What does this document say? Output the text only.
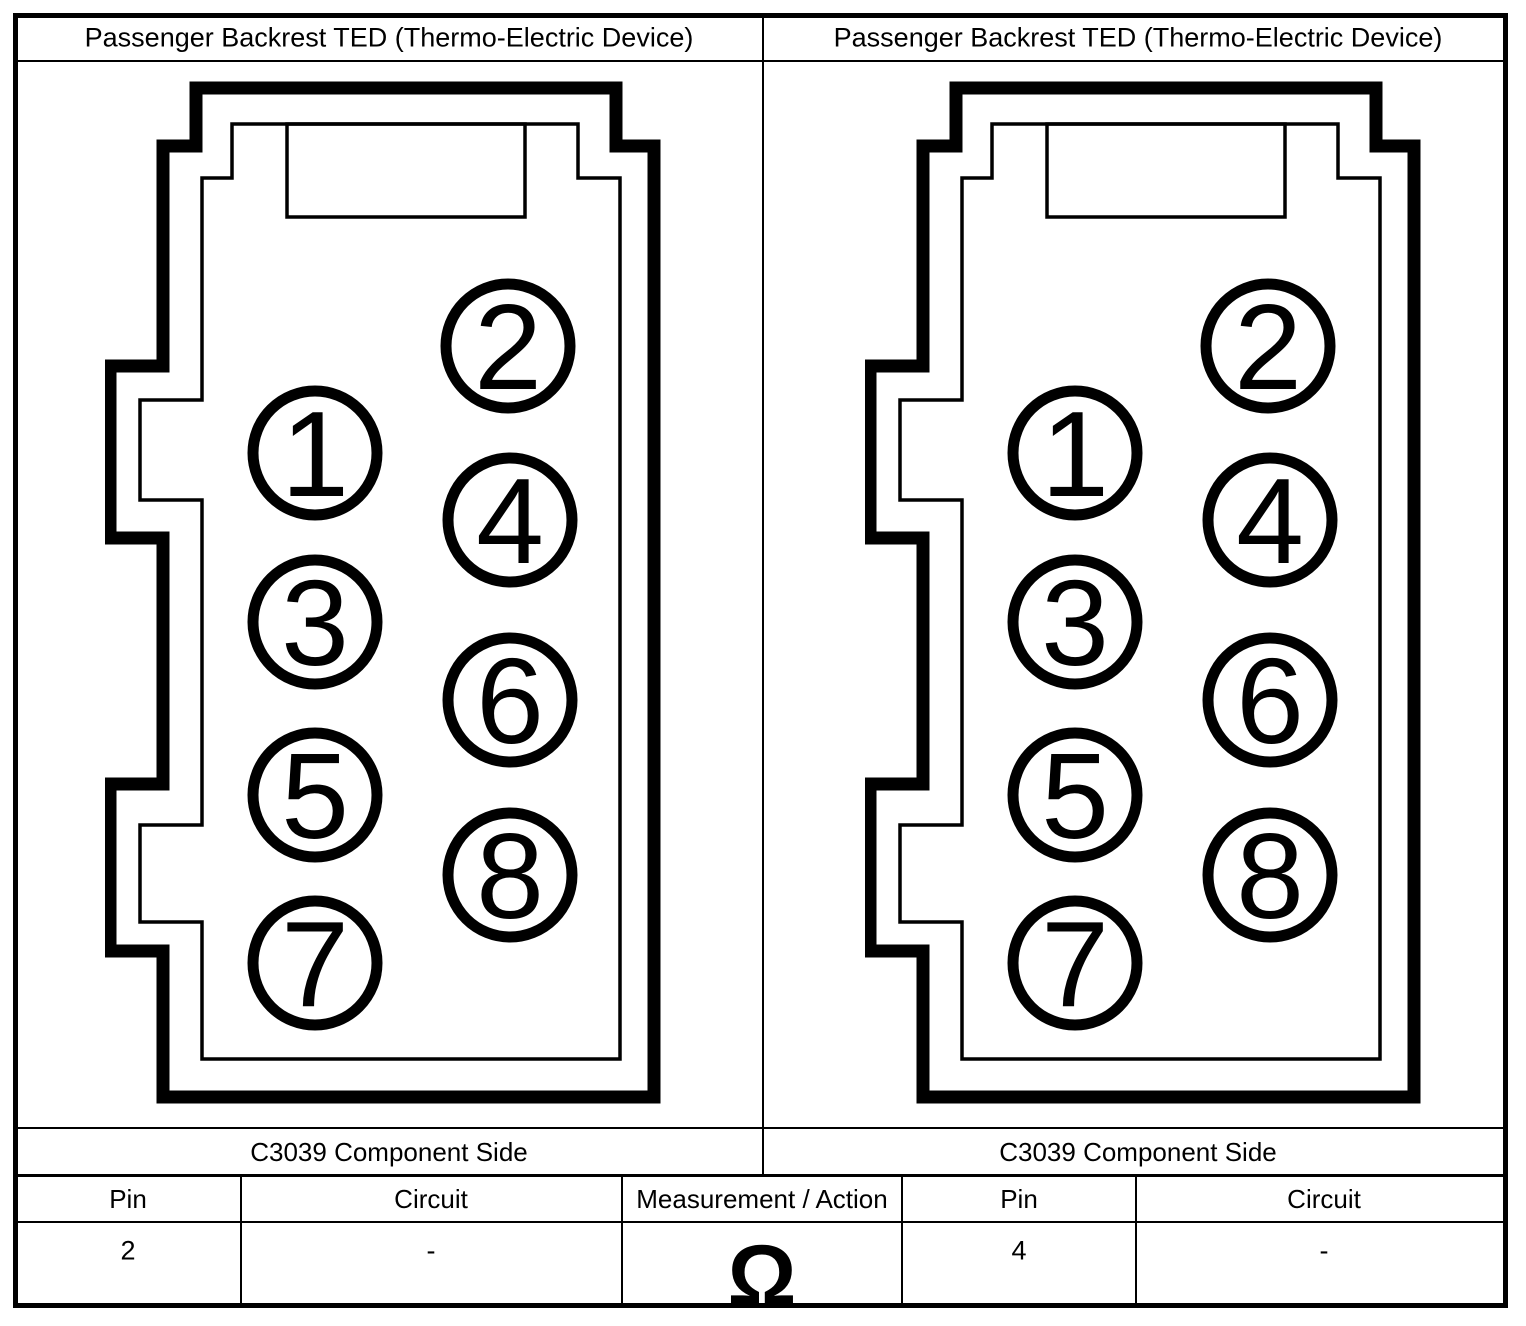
Passenger Backrest TED (Thermo-Electric Device)	Passenger Backrest TED (Thermo-Electric Device)
1
2
3
4
5
6
7
8
1
2
3
4
5
6
7
8
C3039 Component Side	C3039 Component Side
Pin	Circuit	Measurement / Action	Pin	Circuit
2	-	Ω	4	-
